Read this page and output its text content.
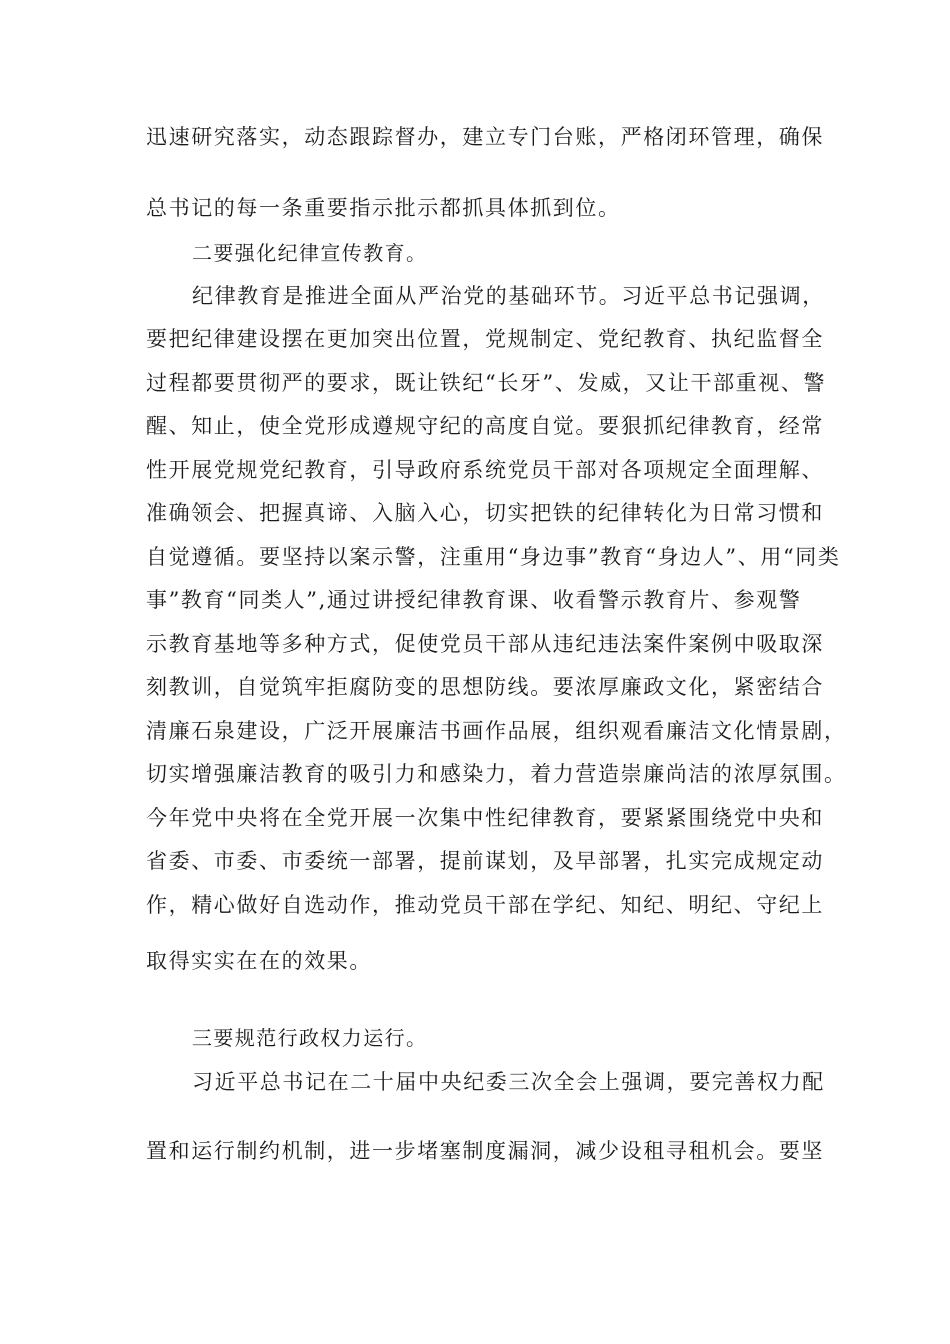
迅速研究落实，动态跟踪督办，建立专门台账，严格闭环管理，确保
总书记的每一条重要指示批示都抓具体抓到位。
二要强化纪律宣传教育。
纪律教育是推进全面从严治党的基础环节。习近平总书记强调，
要把纪律建设摆在更加突出位置，党规制定、党纪教育、执纪监督全
过程都要贯彻严的要求，既让铁纪“长牙”、发威，又让干部重视、警
醒、知止，使全党形成遵规守纪的高度自觉。要狠抓纪律教育，经常
性开展党规党纪教育，引导政府系统党员干部对各项规定全面理解、
准确领会、把握真谛、入脑入心，切实把铁的纪律转化为日常习惯和
自觉遵循。要坚持以案示警，注重用“身边事”教育“身边人”、用“同类
事”教育“同类人”,通过讲授纪律教育课、收看警示教育片、参观警
示教育基地等多种方式，促使党员干部从违纪违法案件案例中吸取深
刻教训，自觉筑牢拒腐防变的思想防线。要浓厚廉政文化，紧密结合
清廉石泉建设，广泛开展廉洁书画作品展，组织观看廉洁文化情景剧，
切实增强廉洁教育的吸引力和感染力，着力营造崇廉尚洁的浓厚氛围。
今年党中央将在全党开展一次集中性纪律教育，要紧紧围绕党中央和
省委、市委、市委统一部署，提前谋划，及早部署，扎实完成规定动
作，精心做好自选动作，推动党员干部在学纪、知纪、明纪、守纪上
取得实实在在的效果。
三要规范行政权力运行。
习近平总书记在二十届中央纪委三次全会上强调，要完善权力配
置和运行制约机制，进一步堵塞制度漏洞，减少设租寻租机会。要坚
